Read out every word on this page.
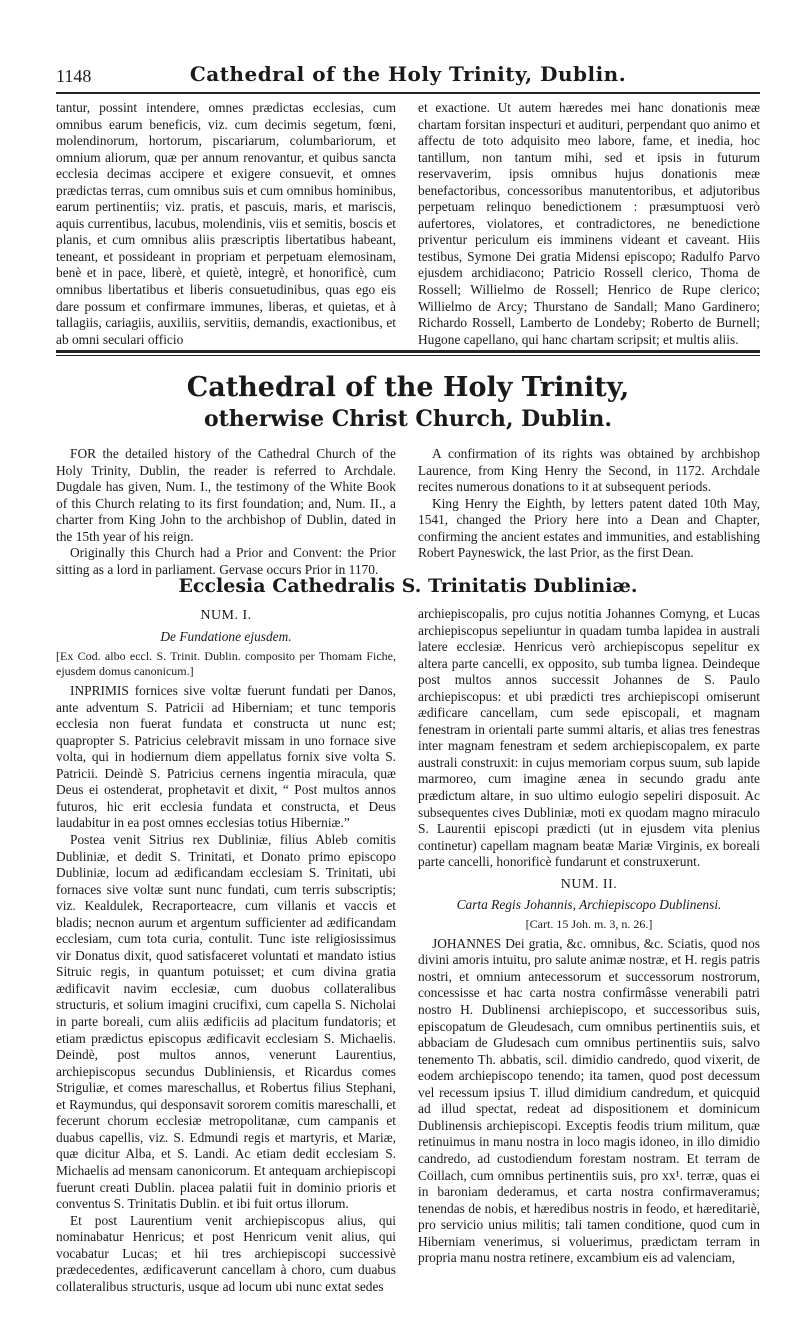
1148	Cathedral of the Holy Trinity, Dublin.

tantur, possint intendere, omnes prædictas ecclesias, cum omnibus earum beneficis, viz. cum decimis segetum, fœni, molendinorum, hortorum, piscariarum, columbariorum, et omnium aliorum, quæ per annum renovantur, et quibus sancta ecclesia decimas accipere et exigere consuevit, et omnes prædictas terras, cum omnibus suis et cum omnibus hominibus, earum pertinentiis; viz. pratis, et pascuis, maris, et mariscis, aquis currentibus, lacubus, molendinis, viis et semitis, boscis et planis, et cum omnibus aliis præscriptis libertatibus habeant, teneant, et possideant in propriam et perpetuam elemosinam, benè et in pace, liberè, et quietè, integrè, et honorificè, cum omnibus libertatibus et liberis consuetudinibus, quas ego eis dare possum et confirmare immunes, liberas, et quietas, et à tallagiis, cariagiis, auxiliis, servitiis, demandis, exactionibus, et ab omni seculari officio

et exactione. Ut autem hæredes mei hanc donationis meæ chartam forsitan inspecturi et audituri, perpendant quo animo et affectu de toto adquisito meo labore, fame, et inedia, hoc tantillum, non tantum mihi, sed et ipsis in futurum reservaverim, ipsis omnibus hujus donationis meæ benefactoribus, concessoribus manutentoribus, et adjutoribus perpetuam relinquo benedictionem : præsumptuosi verò aufertores, violatores, et contradictores, ne benedictione priventur periculum eis imminens videant et caveant. Hiis testibus, Symone Dei gratia Midensi episcopo; Radulfo Parvo ejusdem archidiacono; Patricio Rossell clerico, Thoma de Rossell; Willielmo de Rossell; Henrico de Rupe clerico; Willielmo de Arcy; Thurstano de Sandall; Mano Gardinero; Richardo Rossell, Lamberto de Londeby; Roberto de Burnell; Hugone capellano, qui hanc chartam scripsit; et multis aliis.

Cathedral of the Holy Trinity,
otherwise Christ Church, Dublin.

FOR the detailed history of the Cathedral Church of the Holy Trinity, Dublin, the reader is referred to Archdale. Dugdale has given, Num. I., the testimony of the White Book of this Church relating to its first foundation; and, Num. II., a charter from King John to the archbishop of Dublin, dated in the 15th year of his reign.

Originally this Church had a Prior and Convent: the Prior sitting as a lord in parliament. Gervase occurs Prior in 1170.

A confirmation of its rights was obtained by archbishop Laurence, from King Henry the Second, in 1172. Archdale recites numerous donations to it at subsequent periods.

King Henry the Eighth, by letters patent dated 10th May, 1541, changed the Priory here into a Dean and Chapter, confirming the ancient estates and immunities, and establishing Robert Payneswick, the last Prior, as the first Dean.

Ecclesia Cathedralis S. Trinitatis Dubliniæ.
NUM. I.

De Fundatione ejusdem.

[Ex Cod. albo eccl. S. Trinit. Dublin. composito per Thomam Fiche, ejusdem domus canonicum.]

INPRIMIS fornices sive voltæ fuerunt fundati per Danos, ante adventum S. Patricii ad Hiberniam; et tunc temporis ecclesia non fuerat fundata et constructa ut nunc est; quapropter S. Patricius celebravit missam in uno fornace sive volta, qui in hodiernum diem appellatus fornix sive volta S. Patricii. Deindè S. Patricius cernens ingentia miracula, quæ Deus ei ostenderat, prophetavit et dixit, “ Post multos annos futuros, hic erit ecclesia fundata et constructa, et Deus laudabitur in ea post omnes ecclesias totius Hiberniæ.”

Postea venit Sitrius rex Dubliniæ, filius Ableb comitis Dubliniæ, et dedit S. Trinitati, et Donato primo episcopo Dubliniæ, locum ad ædificandam ecclesiam S. Trinitati, ubi fornaces sive voltæ sunt nunc fundati, cum terris subscriptis; viz. Kealdulek, Recraporteacre, cum villanis et vaccis et bladis; necnon aurum et argentum sufficienter ad ædificandam ecclesiam, cum tota curia, contulit. Tunc iste religiosissimus vir Donatus dixit, quod satisfaceret voluntati et mandato istius Sitruic regis, in quantum potuisset; et cum divina gratia ædificavit navim ecclesiæ, cum duobus collateralibus structuris, et solium imagini crucifixi, cum capella S. Nicholai in parte boreali, cum aliis ædificiis ad placitum fundatoris; et etiam prædictus episcopus ædificavit ecclesiam S. Michaelis. Deindè, post multos annos, venerunt Laurentius, archiepiscopus secundus Dubliniensis, et Ricardus comes Striguliæ, et comes mareschallus, et Robertus filius Stephani, et Raymundus, qui desponsavit sororem comitis mareschalli, et fecerunt chorum ecclesiæ metropolitanæ, cum campanis et duabus capellis, viz. S. Edmundi regis et martyris, et Mariæ, quæ dicitur Alba, et S. Landi. Ac etiam dedit ecclesiam S. Michaelis ad mensam canonicorum. Et antequam archiepiscopi fuerunt creati Dublin. placea palatii fuit in dominio prioris et conventus S. Trinitatis Dublin. et ibi fuit ortus illorum.

Et post Laurentium venit archiepiscopus alius, qui nominabatur Henricus; et post Henricum venit alius, qui vocabatur Lucas; et hii tres archiepiscopi successivè prædecedentes, ædificaverunt cancellam à choro, cum duabus collateralibus structuris, usque ad locum ubi nunc extat sedes

archiepiscopalis, pro cujus notitia Johannes Comyng, et Lucas archiepiscopus sepeliuntur in quadam tumba lapidea in australi latere ecclesiæ. Henricus verò archiepiscopus sepelitur ex altera parte cancelli, ex opposito, sub tumba lignea. Deindeque post multos annos successit Johannes de S. Paulo archiepiscopus: et ubi prædicti tres archiepiscopi omiserunt ædificare cancellam, cum sede episcopali, et magnam fenestram in orientali parte summi altaris, et alias tres fenestras inter magnam fenestram et sedem archiepiscopalem, ex parte australi construxit: in cujus memoriam corpus suum, sub lapide marmoreo, cum imagine ænea in secundo gradu ante prædictum altare, in suo ultimo eulogio sepeliri disposuit. Ac subsequentes cives Dubliniæ, moti ex quodam magno miraculo S. Laurentii episcopi prædicti (ut in ejusdem vita plenius continetur) capellam magnam beatæ Mariæ Virginis, ex boreali parte cancelli, honorificè fundarunt et construxerunt.

NUM. II.

Carta Regis Johannis, Archiepiscopo Dublinensi.

[Cart. 15 Joh. m. 3, n. 26.]

JOHANNES Dei gratia, &c. omnibus, &c. Sciatis, quod nos divini amoris intuitu, pro salute animæ nostræ, et H. regis patris nostri, et omnium antecessorum et successorum nostrorum, concessisse et hac carta nostra confirmâsse venerabili patri nostro H. Dublinensi archiepiscopo, et successoribus suis, episcopatum de Gleudesach, cum omnibus pertinentiis suis, et abbaciam de Gludesach cum omnibus pertinentiis suis, salvo tenemento Th. abbatis, scil. dimidio candredo, quod vixerit, de eodem archiepiscopo tenendo; ita tamen, quod post decessum vel recessum ipsius T. illud dimidium candredum, et quicquid ad illud spectat, redeat ad dispositionem et dominicum Dublinensis archiepiscopi. Exceptis feodis trium militum, quæ retinuimus in manu nostra in loco magis idoneo, in illo dimidio candredo, ad custodiendum forestam nostram. Et terram de Coillach, cum omnibus pertinentiis suis, pro xx¹. terræ, quas ei in baroniam dederamus, et carta nostra confirmaveramus; tenendas de nobis, et hæredibus nostris in feodo, et hæreditariè, pro servicio unius militis; tali tamen conditione, quod cum in Hiberniam venerimus, si voluerimus, prædictam terram in propria manu nostra retinere, excambium eis ad valenciam,
